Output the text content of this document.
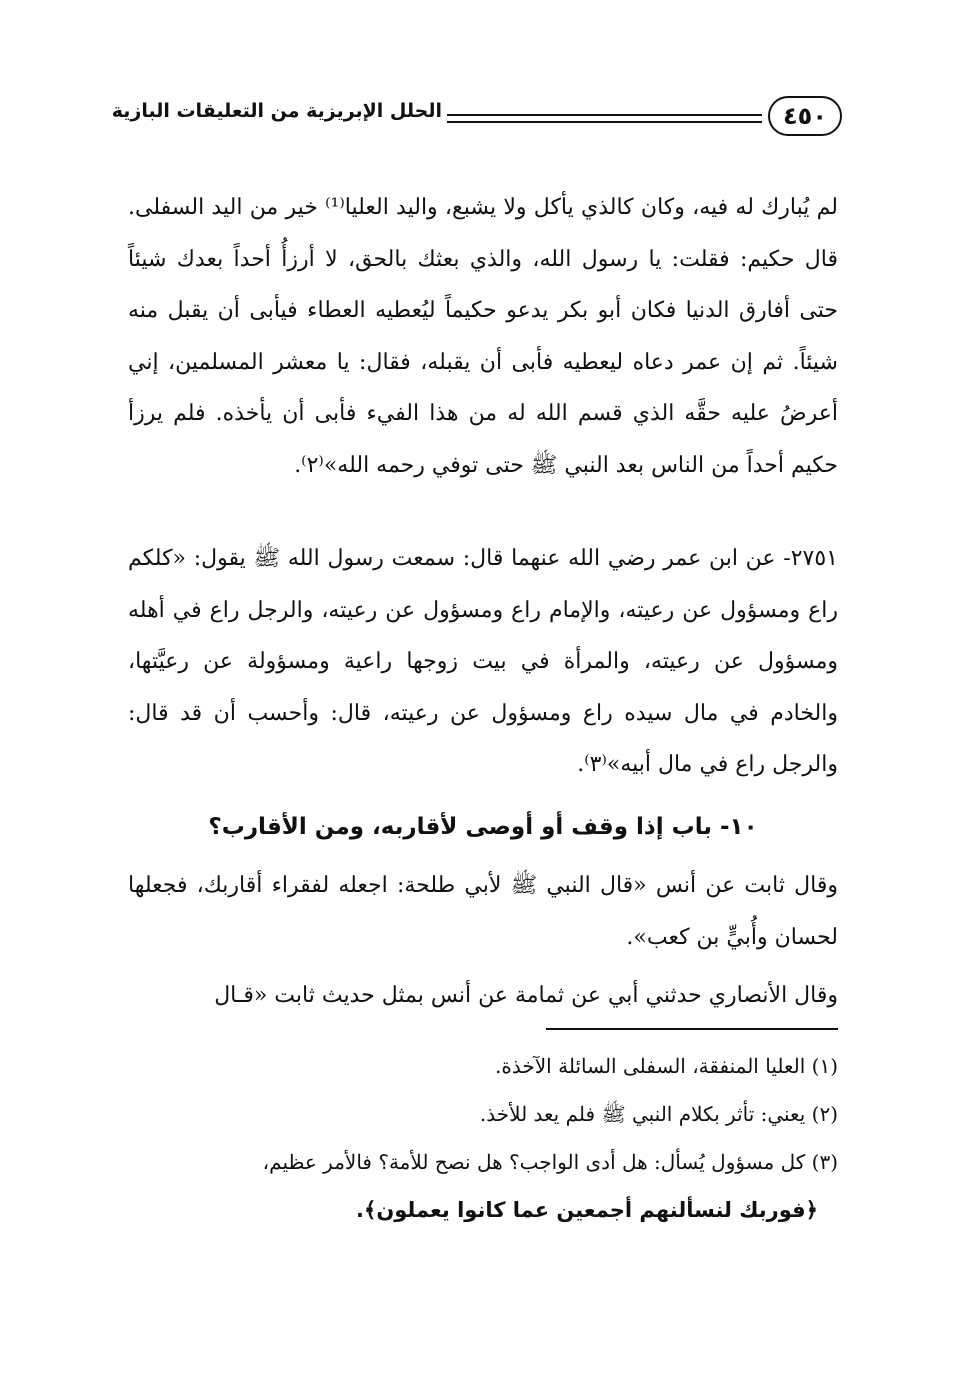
٤٥٠
الحلل الإبريزية من التعليقات البازية

لم يُبارك له فيه، وكان كالذي يأكل ولا يشبع، واليد العليا⁽¹⁾ خير من اليد السفلى. قال حكيم: فقلت: يا رسول الله، والذي بعثك بالحق، لا أرزأُ أحداً بعدك شيئاً حتى أفارق الدنيا فكان أبو بكر يدعو حكيماً ليُعطيه العطاء فيأبى أن يقبل منه شيئاً. ثم إن عمر دعاه ليعطيه فأبى أن يقبله، فقال: يا معشر المسلمين، إني أعرضُ عليه حقَّه الذي قسم الله له من هذا الفيء فأبى أن يأخذه. فلم يرزأ حكيم أحداً من الناس بعد النبي ﷺ حتى توفي رحمه الله»⁽٢⁾.

٢٧٥١- عن ابن عمر رضي الله عنهما قال: سمعت رسول الله ﷺ يقول: «كلكم راع ومسؤول عن رعيته، والإمام راع ومسؤول عن رعيته، والرجل راع في أهله ومسؤول عن رعيته، والمرأة في بيت زوجها راعية ومسؤولة عن رعيَّتها، والخادم في مال سيده راع ومسؤول عن رعيته، قال: وأحسب أن قد قال: والرجل راع في مال أبيه»⁽٣⁾.

١٠- باب إذا وقف أو أوصى لأقاربه، ومن الأقارب؟

وقال ثابت عن أنس «قال النبي ﷺ لأبي طلحة: اجعله لفقراء أقاربك، فجعلها لحسان وأُبيٍّ بن كعب».

وقال الأنصاري حدثني أبي عن ثمامة عن أنس بمثل حديث ثابت «قـال

(١) العليا المنفقة، السفلى السائلة الآخذة.
(٢) يعني: تأثر بكلام النبي ﷺ فلم يعد للأخذ.
(٣) كل مسؤول يُسأل: هل أدى الواجب؟ هل نصح للأمة؟ فالأمر عظيم،
﴿فوربك لنسألنهم أجمعين عما كانوا يعملون﴾.
